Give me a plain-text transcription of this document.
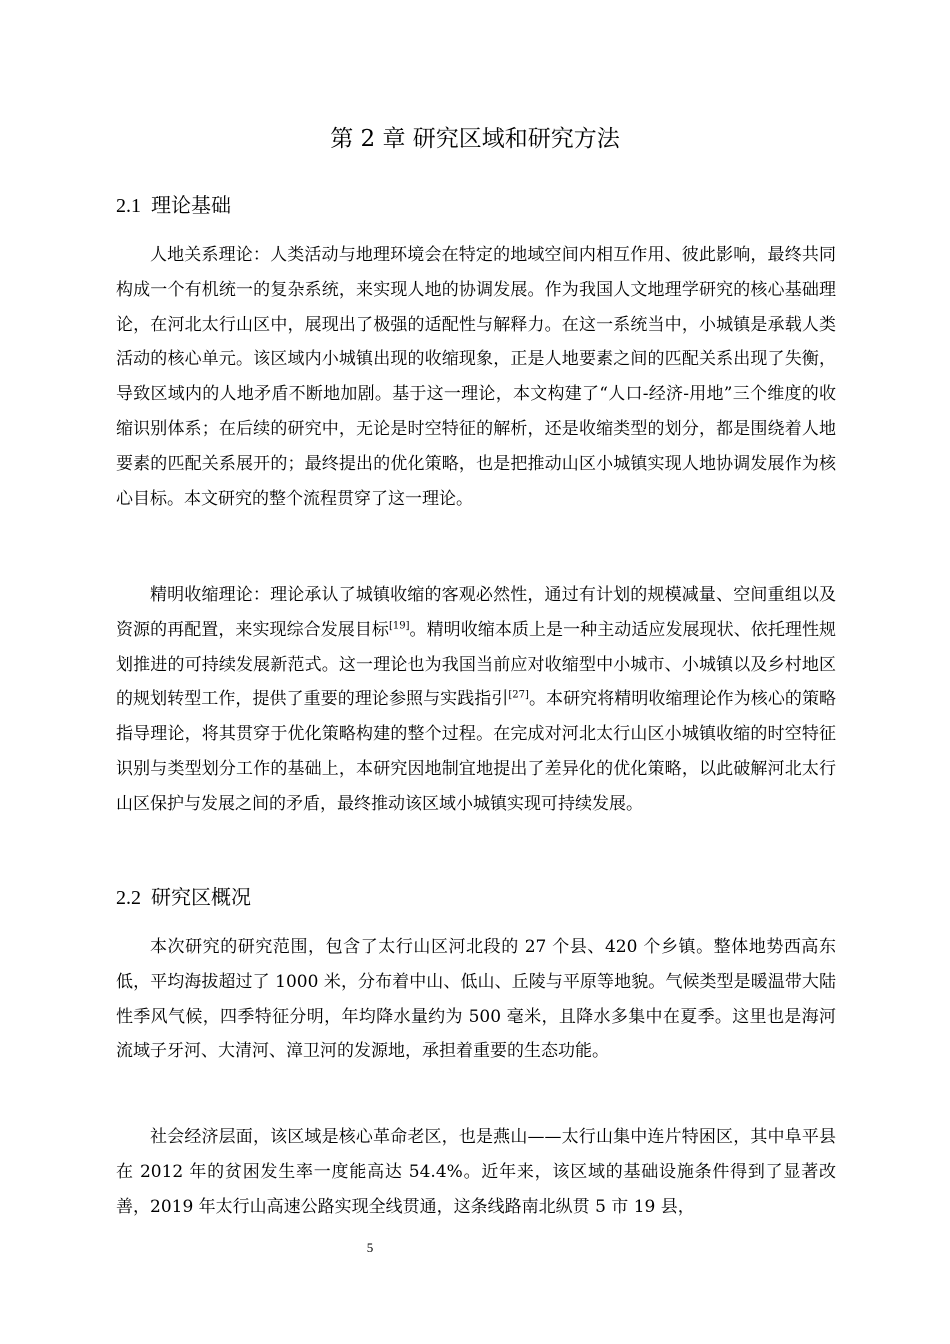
第 2 章 研究区域和研究方法
2.1 理论基础

人地关系理论：人类活动与地理环境会在特定的地域空间内相互作用、彼此影响，最终共同构成一个有机统一的复杂系统，来实现人地的协调发展。作为我国人文地理学研究的核心基础理论，在河北太行山区中，展现出了极强的适配性与解释力。在这一系统当中，小城镇是承载人类活动的核心单元。该区域内小城镇出现的收缩现象，正是人地要素之间的匹配关系出现了失衡，导致区域内的人地矛盾不断地加剧。基于这一理论，本文构建了“人口-经济-用地”三个维度的收缩识别体系；在后续的研究中，无论是时空特征的解析，还是收缩类型的划分，都是围绕着人地要素的匹配关系展开的；最终提出的优化策略，也是把推动山区小城镇实现人地协调发展作为核心目标。本文研究的整个流程贯穿了这一理论。

精明收缩理论：理论承认了城镇收缩的客观必然性，通过有计划的规模减量、空间重组以及资源的再配置，来实现综合发展目标[19]。精明收缩本质上是一种主动适应发展现状、依托理性规划推进的可持续发展新范式。这一理论也为我国当前应对收缩型中小城市、小城镇以及乡村地区的规划转型工作，提供了重要的理论参照与实践指引[27]。本研究将精明收缩理论作为核心的策略指导理论，将其贯穿于优化策略构建的整个过程。在完成对河北太行山区小城镇收缩的时空特征识别与类型划分工作的基础上，本研究因地制宜地提出了差异化的优化策略，以此破解河北太行山区保护与发展之间的矛盾，最终推动该区域小城镇实现可持续发展。

2.2 研究区概况

本次研究的研究范围，包含了太行山区河北段的 27 个县、420 个乡镇。整体地势西高东低，平均海拔超过了 1000 米，分布着中山、低山、丘陵与平原等地貌。气候类型是暖温带大陆性季风气候，四季特征分明，年均降水量约为 500 毫米，且降水多集中在夏季。这里也是海河流域子牙河、大清河、漳卫河的发源地，承担着重要的生态功能。

社会经济层面，该区域是核心革命老区，也是燕山——太行山集中连片特困区，其中阜平县在 2012 年的贫困发生率一度能高达 54.4%。近年来，该区域的基础设施条件得到了显著改善，2019 年太行山高速公路实现全线贯通，这条线路南北纵贯 5 市 19 县，

5
